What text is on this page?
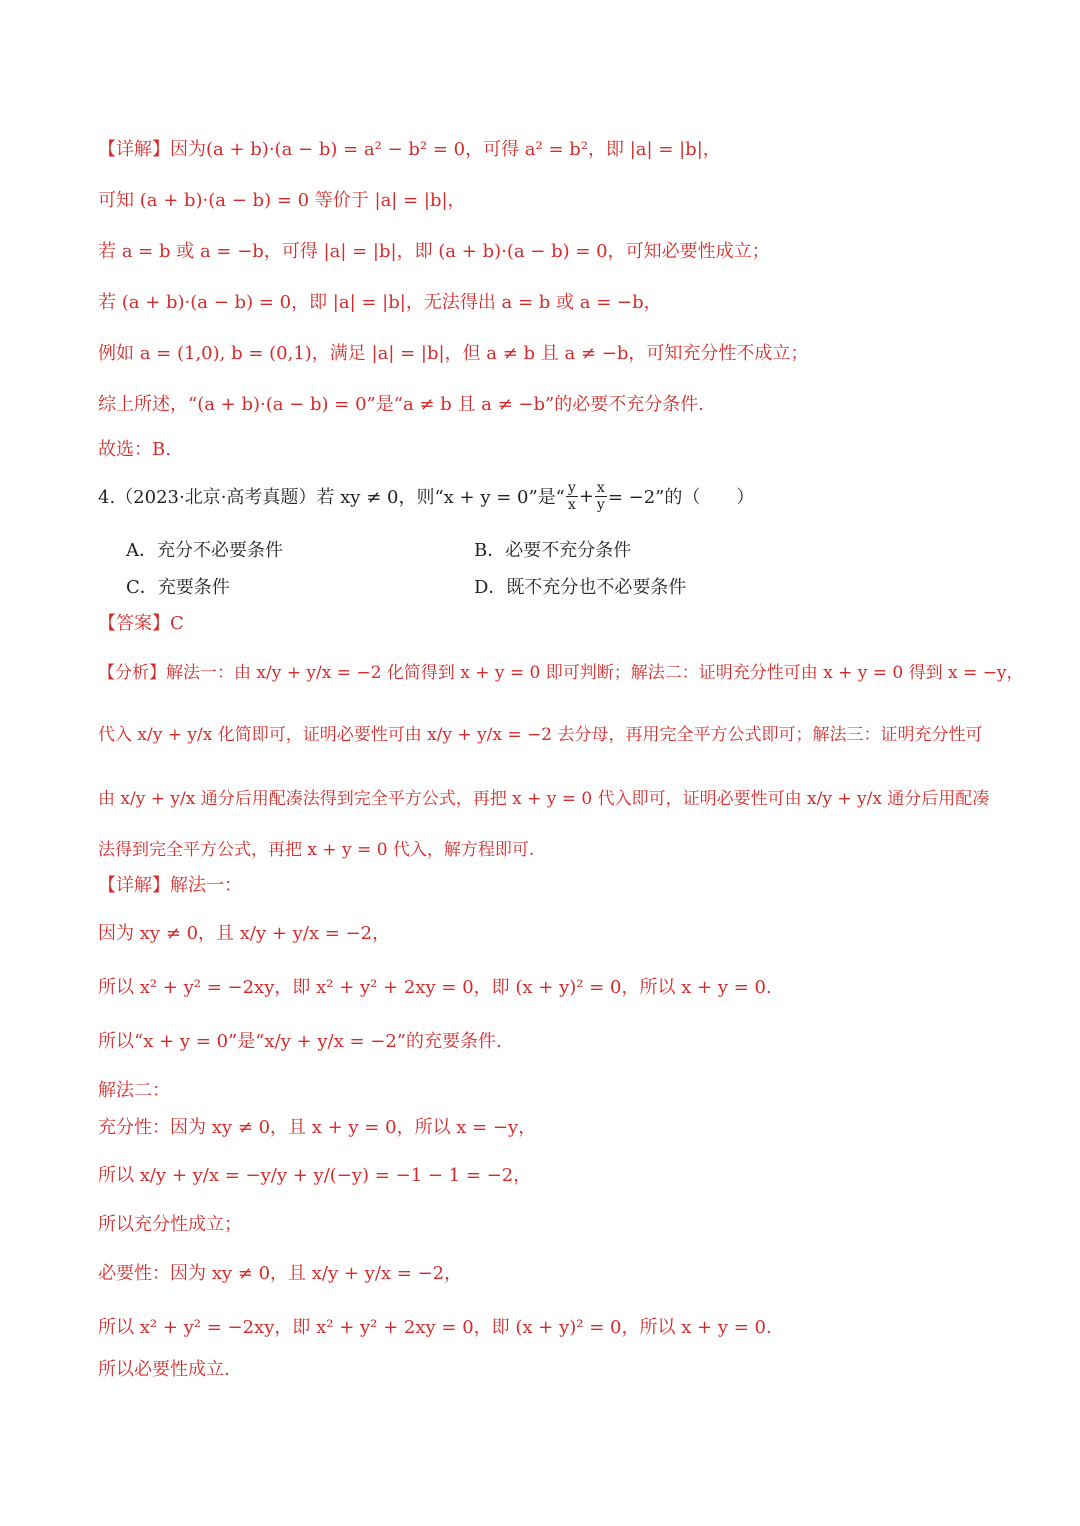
【详解】因为(a + b)·(a − b) = a² − b² = 0，可得 a² = b²，即 |a| = |b|，
可知 (a + b)·(a − b) = 0 等价于 |a| = |b|，
若 a = b 或 a = −b，可得 |a| = |b|，即 (a + b)·(a − b) = 0，可知必要性成立；
若 (a + b)·(a − b) = 0，即 |a| = |b|，无法得出 a = b 或 a = −b，
例如 a = (1,0), b = (0,1)，满足 |a| = |b|，但 a ≠ b 且 a ≠ −b，可知充分性不成立；
综上所述，“(a + b)·(a − b) = 0”是“a ≠ b 且 a ≠ −b”的必要不充分条件.
故选：B.
4.（2023·北京·高考真题）若 xy ≠ 0，则“x + y = 0”是“ $\frac{y}{x} + \frac{x}{y} = -2$”的（　　）
A．充分不必要条件	B．必要不充分条件
C．充要条件	D．既不充分也不必要条件
【答案】C
【分析】解法一：由 x/y + y/x = −2 化简得到 x + y = 0 即可判断；解法二：证明充分性可由 x + y = 0 得到 x = −y，
代入 x/y + y/x 化简即可，证明必要性可由 x/y + y/x = −2 去分母，再用完全平方公式即可；解法三：证明充分性可
由 x/y + y/x 通分后用配凑法得到完全平方公式，再把 x + y = 0 代入即可，证明必要性可由 x/y + y/x 通分后用配凑
法得到完全平方公式，再把 x + y = 0 代入，解方程即可.
【详解】解法一：
因为 xy ≠ 0，且 x/y + y/x = −2，
所以 x² + y² = −2xy，即 x² + y² + 2xy = 0，即 (x + y)² = 0，所以 x + y = 0.
所以“x + y = 0”是“x/y + y/x = −2”的充要条件.
解法二：
充分性：因为 xy ≠ 0，且 x + y = 0，所以 x = −y，
所以 x/y + y/x = −y/y + y/(−y) = −1 − 1 = −2，
所以充分性成立；
必要性：因为 xy ≠ 0，且 x/y + y/x = −2，
所以 x² + y² = −2xy，即 x² + y² + 2xy = 0，即 (x + y)² = 0，所以 x + y = 0.
所以必要性成立.
